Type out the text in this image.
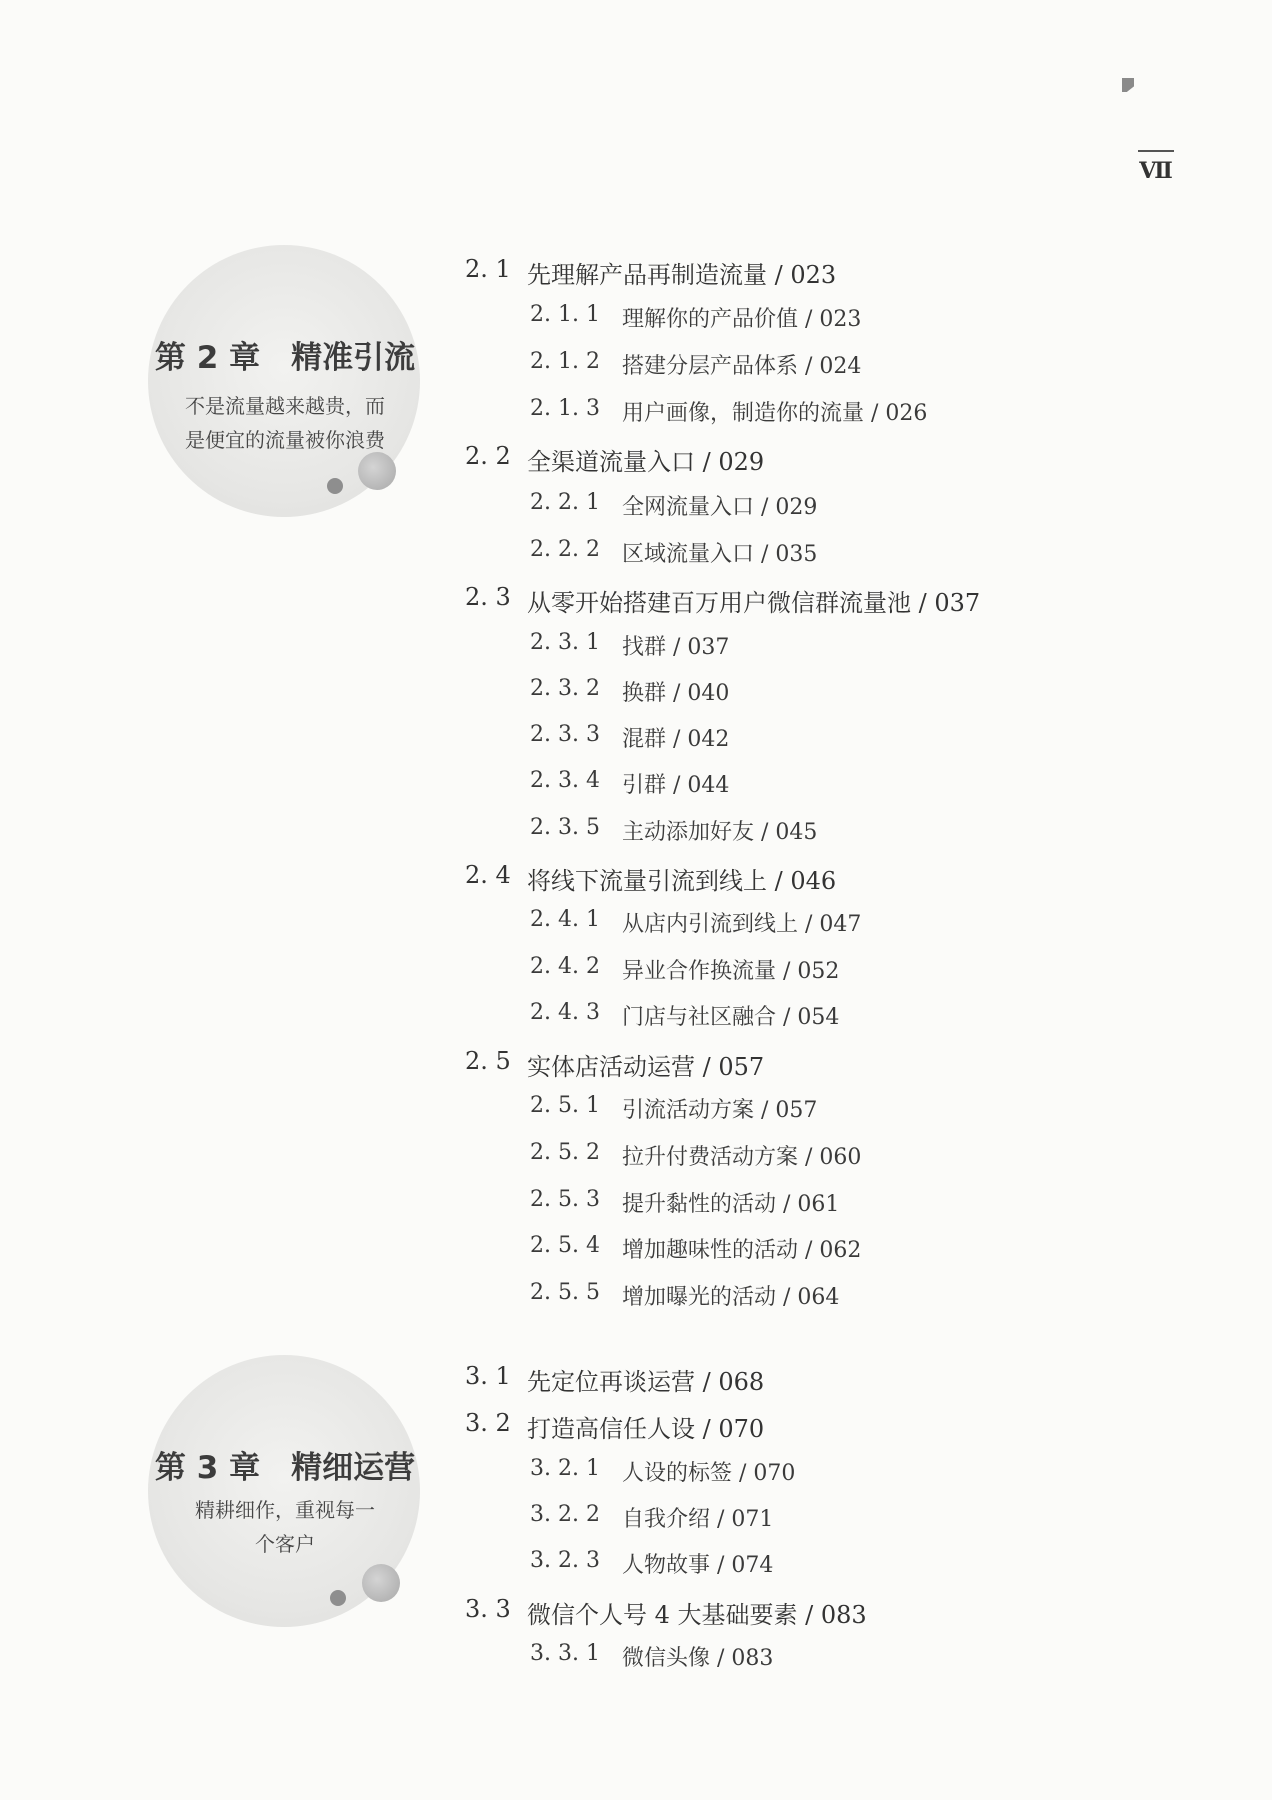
Ⅶ
第 2 章　精准引流
不是流量越来越贵，而
是便宜的流量被你浪费
第 3 章　精细运营
精耕细作，重视每一
个客户
2. 1 先理解产品再制造流量 / 023
2. 1. 1 理解你的产品价值 / 023
2. 1. 2 搭建分层产品体系 / 024
2. 1. 3 用户画像，制造你的流量 / 026
2. 2 全渠道流量入口 / 029
2. 2. 1 全网流量入口 / 029
2. 2. 2 区域流量入口 / 035
2. 3 从零开始搭建百万用户微信群流量池 / 037
2. 3. 1 找群 / 037
2. 3. 2 换群 / 040
2. 3. 3 混群 / 042
2. 3. 4 引群 / 044
2. 3. 5 主动添加好友 / 045
2. 4 将线下流量引流到线上 / 046
2. 4. 1 从店内引流到线上 / 047
2. 4. 2 异业合作换流量 / 052
2. 4. 3 门店与社区融合 / 054
2. 5 实体店活动运营 / 057
2. 5. 1 引流活动方案 / 057
2. 5. 2 拉升付费活动方案 / 060
2. 5. 3 提升黏性的活动 / 061
2. 5. 4 增加趣味性的活动 / 062
2. 5. 5 增加曝光的活动 / 064
3. 1 先定位再谈运营 / 068
3. 2 打造高信任人设 / 070
3. 2. 1 人设的标签 / 070
3. 2. 2 自我介绍 / 071
3. 2. 3 人物故事 / 074
3. 3 微信个人号 4 大基础要素 / 083
3. 3. 1 微信头像 / 083
